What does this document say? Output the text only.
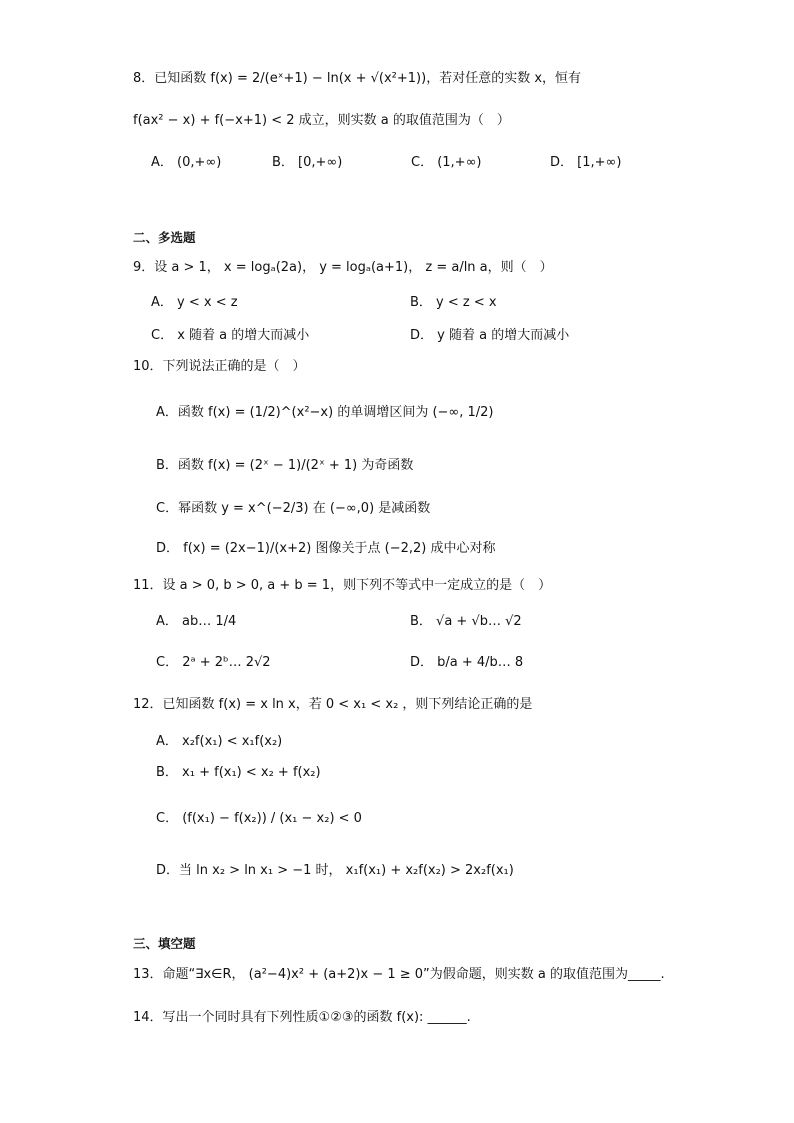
8．已知函数 f(x) = 2/(eˣ+1) − ln(x + √(x²+1))，若对任意的实数 x，恒有
f(ax² − x) + f(−x+1) < 2 成立，则实数 a 的取值范围为（　）
A． (0,+∞)	B． [0,+∞)	C． (1,+∞)	D． [1,+∞)
二、多选题
9．设 a > 1， x = logₐ(2a)， y = logₐ(a+1)， z = a/ln a，则（　）
A． y < x < z	B． y < z < x
C． x 随着 a 的增大而减小	D． y 随着 a 的增大而减小
10．下列说法正确的是（　）
A．函数 f(x) = (1/2)^(x²−x) 的单调增区间为 (−∞, 1/2)
B．函数 f(x) = (2ˣ − 1)/(2ˣ + 1) 为奇函数
C．幂函数 y = x^(−2/3) 在 (−∞,0) 是减函数
D． f(x) = (2x−1)/(x+2) 图像关于点 (−2,2) 成中心对称
11．设 a > 0, b > 0, a + b = 1，则下列不等式中一定成立的是（　）
A． ab… 1/4	B． √a + √b… √2
C． 2ᵃ + 2ᵇ… 2√2	D． b/a + 4/b… 8
12．已知函数 f(x) = x ln x，若 0 < x₁ < x₂ ，则下列结论正确的是
A． x₂f(x₁) < x₁f(x₂)
B． x₁ + f(x₁) < x₂ + f(x₂)
C． (f(x₁) − f(x₂)) / (x₁ − x₂) < 0
D．当 ln x₂ > ln x₁ > −1 时， x₁f(x₁) + x₂f(x₂) > 2x₂f(x₁)
三、填空题
13．命题“∃x∈R， (a²−4)x² + (a+2)x − 1 ≥ 0”为假命题，则实数 a 的取值范围为_____.
14．写出一个同时具有下列性质①②③的函数 f(x): ______.
